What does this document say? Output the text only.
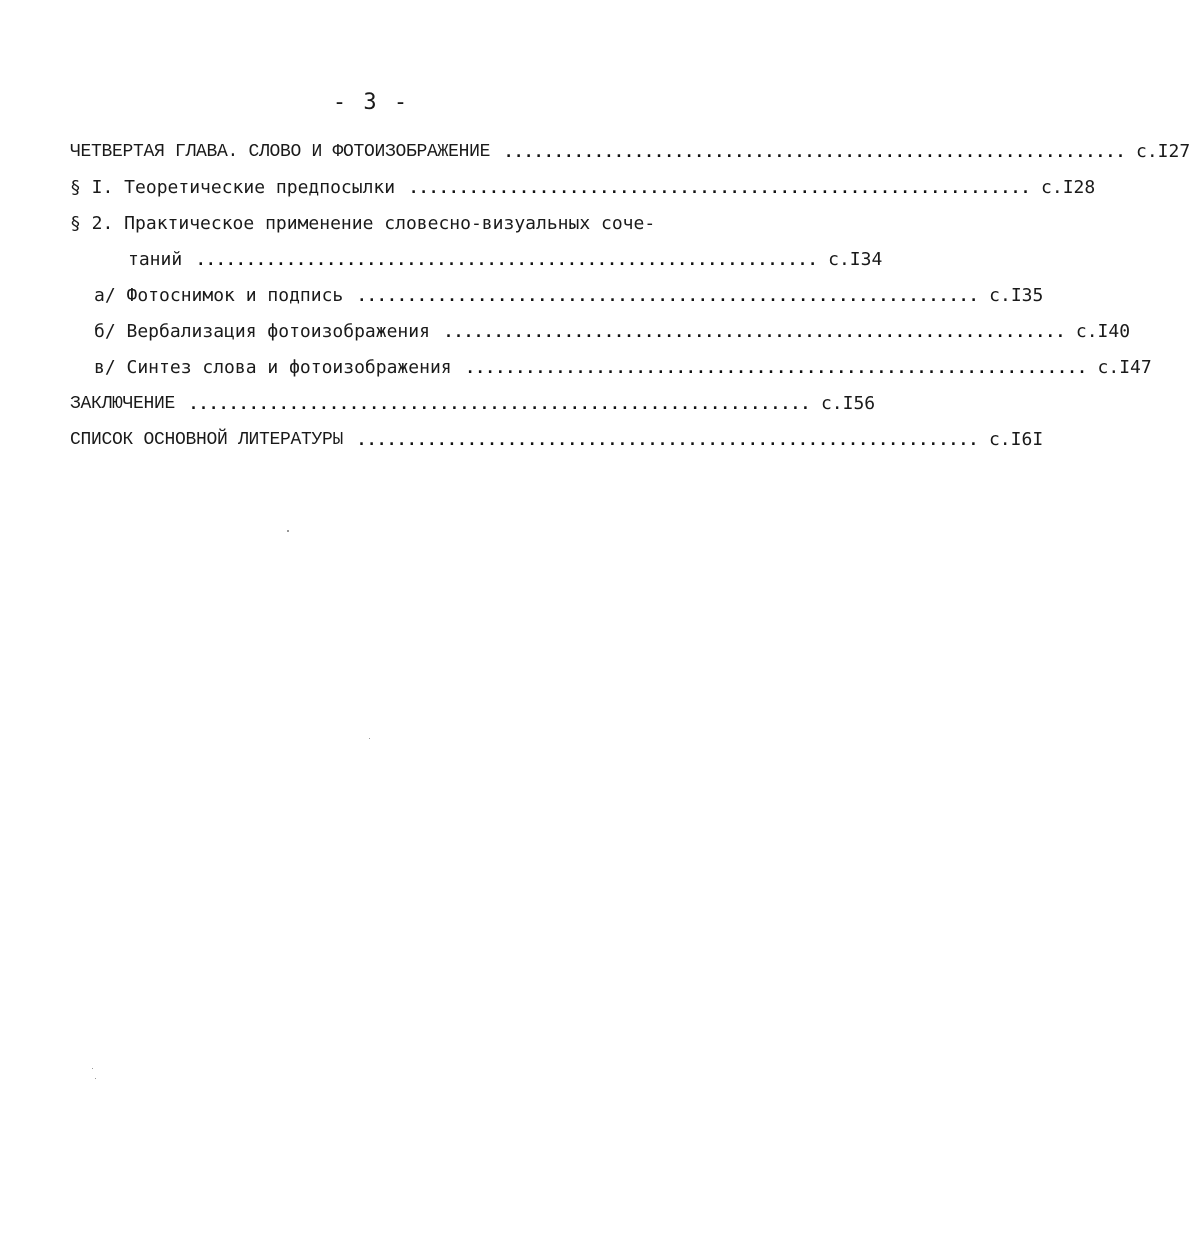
- 3 -
ЧЕТВЕРТАЯ ГЛАВА. СЛОВО И ФОТОИЗОБРАЖЕНИЕ .............................................................. с.I27
§ I. Теоретические предпосылки .............................................................. с.I28
§ 2. Практическое применение словесно-визуальных соче-
таний .............................................................. с.I34
а/ Фотоснимок и подпись .............................................................. с.I35
б/ Вербализация фотоизображения .............................................................. с.I40
в/ Синтез слова и фотоизображения .............................................................. с.I47
ЗАКЛЮЧЕНИЕ .............................................................. с.I56
СПИСОК ОСНОВНОЙ ЛИТЕРАТУРЫ .............................................................. с.I6I
